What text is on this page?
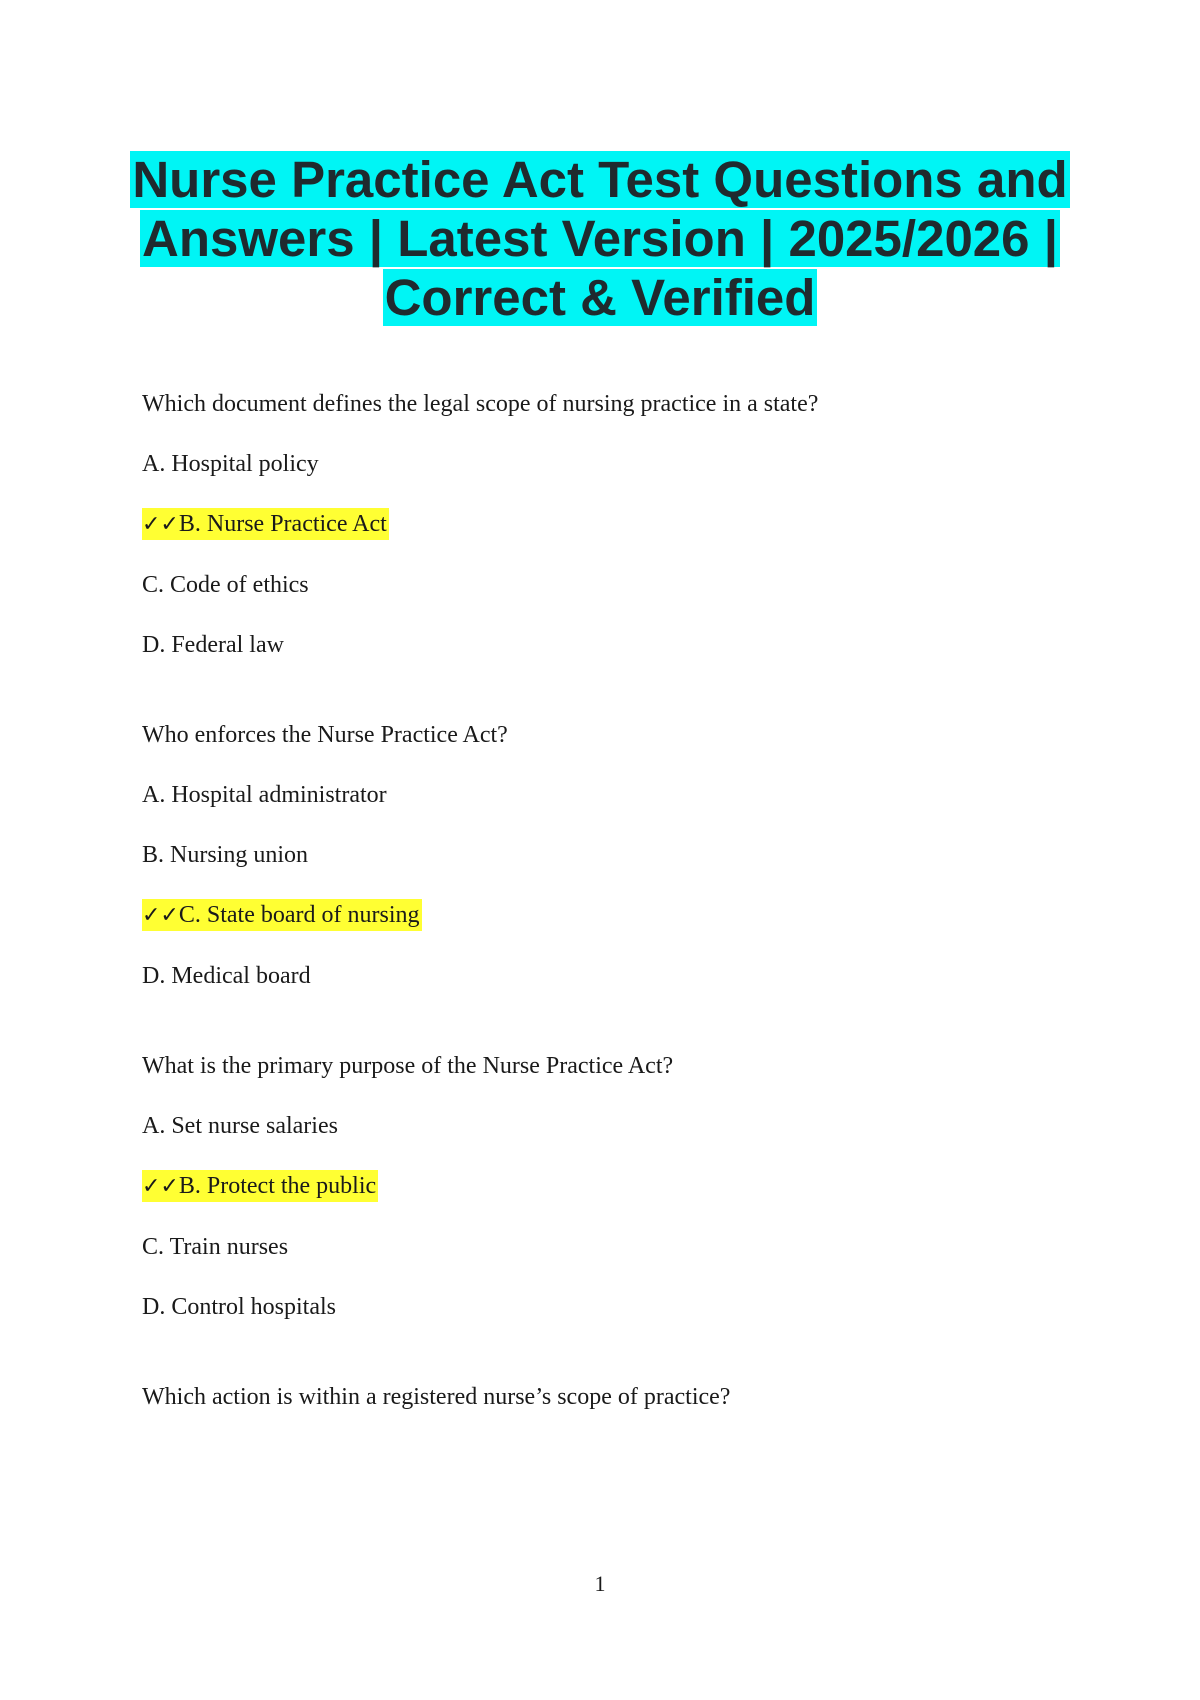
Nurse Practice Act Test Questions and
Answers | Latest Version | 2025/2026 |
Correct & Verified
Which document defines the legal scope of nursing practice in a state?
A. Hospital policy
✓✓B. Nurse Practice Act
C. Code of ethics
D. Federal law
Who enforces the Nurse Practice Act?
A. Hospital administrator
B. Nursing union
✓✓C. State board of nursing
D. Medical board
What is the primary purpose of the Nurse Practice Act?
A. Set nurse salaries
✓✓B. Protect the public
C. Train nurses
D. Control hospitals
Which action is within a registered nurse’s scope of practice?
1
